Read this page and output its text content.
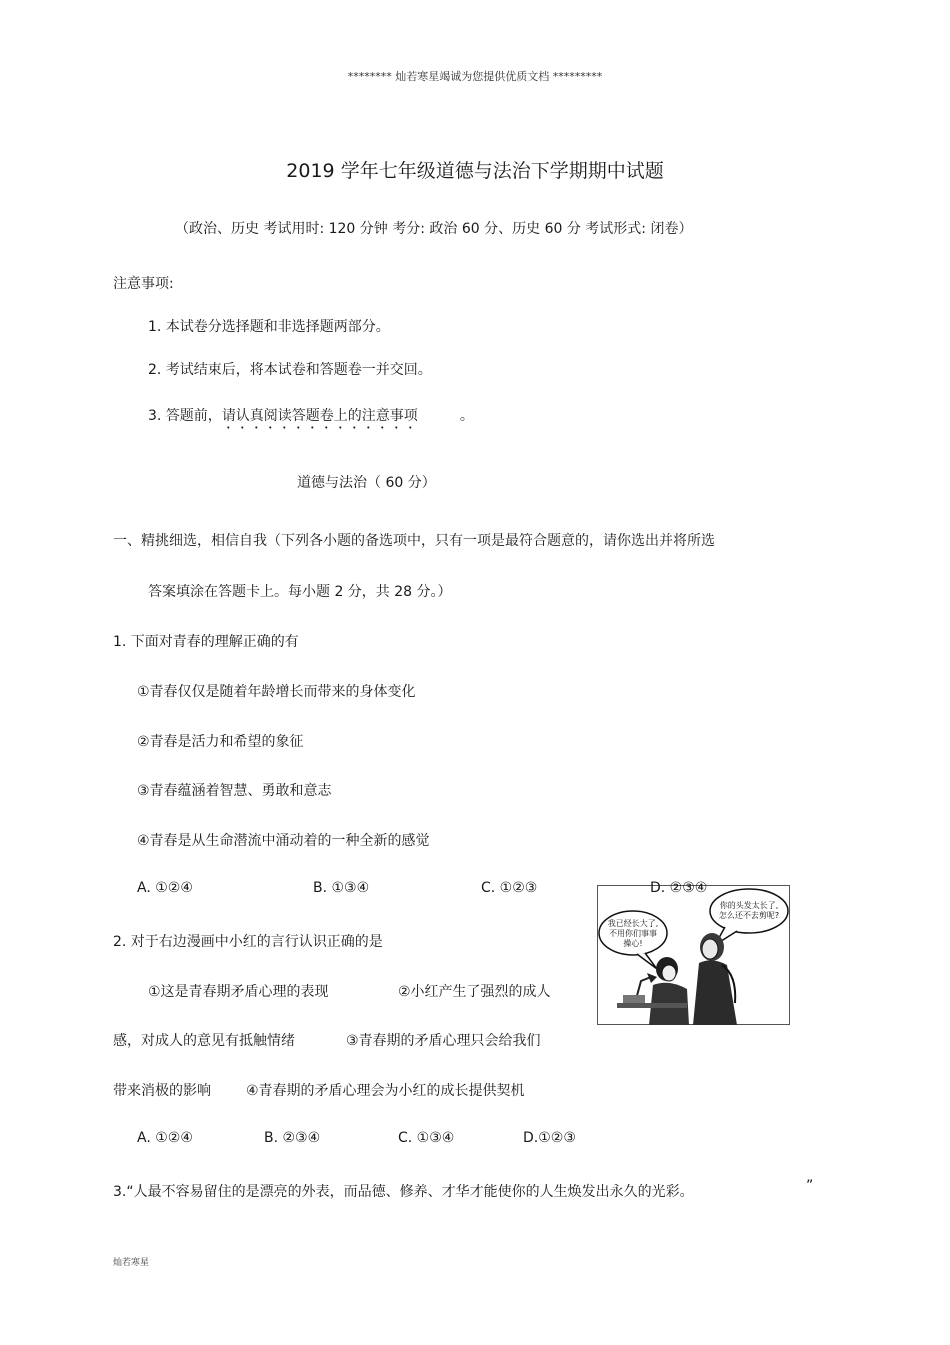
******** 灿若寒星竭诚为您提供优质文档 *********
2019 学年七年级道德与法治下学期期中试题
（政治、历史 考试用时: 120 分钟 考分: 政治 60 分、历史 60 分 考试形式: 闭卷）
注意事项:
1. 本试卷分选择题和非选择题两部分。
2. 考试结束后，将本试卷和答题卷一并交回。
3. 答题前，请认真阅读答题卷上的注意事项	。
道德与法治（ 60 分）
一、精挑细选，相信自我（下列各小题的备选项中，只有一项是最符合题意的，请你选出并将所选
答案填涂在答题卡上。每小题 2 分，共 28 分。）
1. 下面对青春的理解正确的有
①青春仅仅是随着年龄增长而带来的身体变化
②青春是活力和希望的象征
③青春蕴涵着智慧、勇敢和意志
④青春是从生命潜流中涌动着的一种全新的感觉
A. ①②④	B. ①③④	C. ①②③	D. ②③④
我已经长大了,
不用你们事事
操心!
你的头发太长了,
怎么还不去剪呢?
2. 对于右边漫画中小红的言行认识正确的是
①这是青春期矛盾心理的表现	②小红产生了强烈的成人
感，对成人的意见有抵触情绪	③青春期的矛盾心理只会给我们
带来消极的影响	④青春期的矛盾心理会为小红的成长提供契机
A. ①②④	B. ②③④	C. ①③④	D.①②③
3.“人最不容易留住的是漂亮的外表，而品德、修养、才华才能使你的人生焕发出永久的光彩。	”
灿若寒星
